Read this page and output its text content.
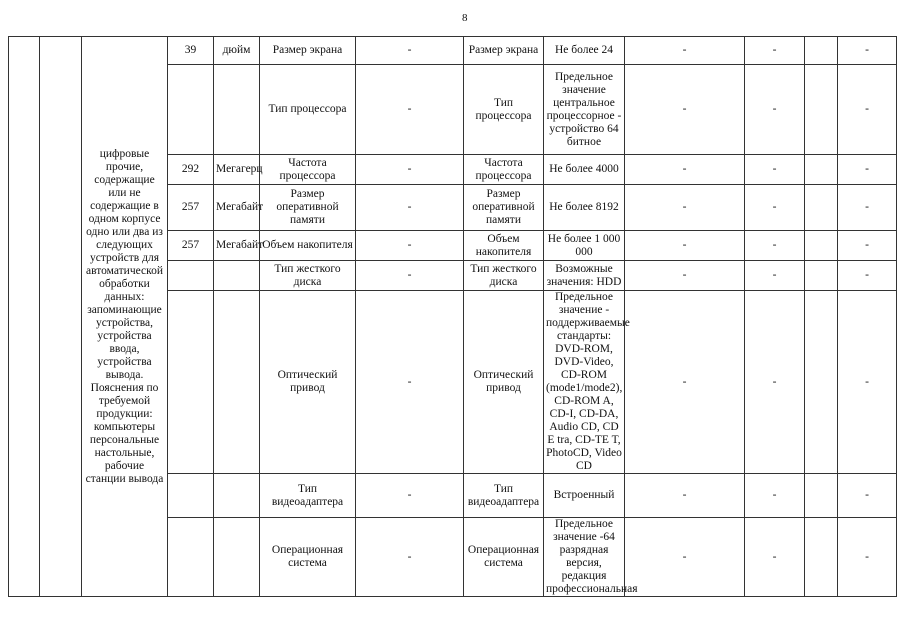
8
		цифровые прочие, содержащие или не содержащие в одном корпусе одно или два из следующих устройств для автоматической обработки данных: запоминающие устройства, устройства ввода, устройства вывода. Пояснения по требуемой продукции: компьютеры персональные настольные, рабочие станции вывода	39	дюйм	Размер экрана	-	Размер экрана	Не более 24	-	-		-
					Тип процессора	-	Тип процессора	Предельное значение центральное процессорное - устройство 64 битное	-	-		-
			292	Мегагерц	Частота процессора	-	Частота процессора	Не более 4000	-	-		-
			257	Мегабайт	Размер оперативной памяти	-	Размер оперативной памяти	Не более 8192	-	-		-
			257	Мегабайт	Объем накопителя	-	Объем накопителя	Не более 1 000 000	-	-		-
					Тип жесткого диска	-	Тип жесткого диска	Возможные значения: HDD	-	-		-
					Оптический привод	-	Оптический привод	Предельное значение - поддерживаемые стандарты: DVD-ROM, DVD-Video, CD-ROM (mode1/mode2), CD-ROM A, CD-I, CD-DA, Audio CD, CD E tra, CD-TE T, PhotoCD, Video CD	-	-		-
					Тип видеоадаптера	-	Тип видеоадаптера	Встроенный	-	-		-
					Операционная система	-	Операционная система	Предельное значение -64 разрядная версия, редакция профессиональная	-	-		-
